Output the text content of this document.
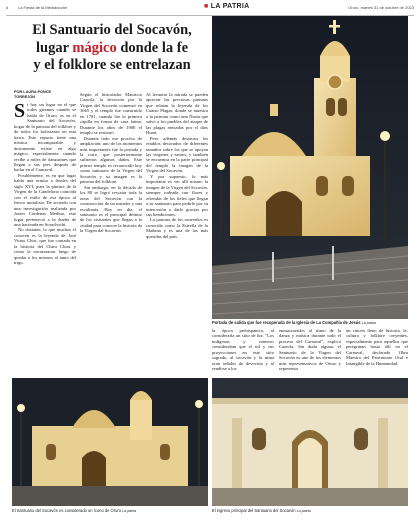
6 La Fiesta de la Medianoche	■ LA PATRIA	Oruro, martes 31 de octubre de 2023
El Santuario del Socavón,
lugar mágico donde la fe
y el folklore se entrelazan
POR LAURA PONCE
TORREJÓN
S i hay un lugar en el que todos giramos cuando se habla de Oruro, es en el Santuario del Socavón, hogar de la patrona del folklore y de todos los bolivianos en esta tierra. Este espacio tiene una mística incomparable y únicamente existe en algo mágico, especialmente cuando recibe a miles de danzarines que llegan a sus pies después de bailar en el Carnaval.

Posiblemente, es en que lugar había una ermita a finales del siglo XVI, pues la pintura de la Virgen de la Candelaria coincida con el estilo de esa época al fresco muralista. De acuerdo con una investigación realizada por Javier Cárdenas Medina, este lugar perteneció a la dueña de una hacienda en Sorachochi.

No obstante, lo que muchos el conocen es la leyenda de José Virtus Chiri, que fue contada en la historia del Chiru Chiru y cómo la encontraron luego de quedar a los mismos al tanto del trigo.

Según el historiador Mauricio Cazorla, la devoción por la Virgen del Socavón comenzó en 1665 y el templo fue construido en 1781, cuando fue la primera capilla en forma de cruz latina. Durante los años de 1900 el templo se restauró.

Durante todo ese proceso de ampliación, uno de los momentos más importantes fue la portada y la torre, que posteriormente sufrieron algunos daños. Este primer templo es reconocido hoy como santuario de la Virgen del Socavón y su imagen es la patrona del folklore.

Sin embargo, en la década de los 80 se logró rescatar toda la zona del Socavón con la construcción de un mirador y una escalinata. Hoy en día, el santuario es el principal destino de los visitantes que llegan a la ciudad para conocer la historia de la Virgen del Socavón.

Al levantar la mirada se pueden apreciar las preciosas pinturas que relatan la leyenda de los Cuatro Plagas, donde se muestra a la patrona como una Ñusta que salvó a los pueblos del ataque de las plagas enviadas por el dios Huari.

Pero además destacan los retablos decorados de diferentes tamaños sobre los que se apoyan las vírgenes y santos, y también se encuentra en la parte principal del templo la imagen de la Virgen del Socavón.

Y por supuesto, lo más importante es ver allí mismo la imagen de la Virgen del Socavón, siempre rodeada con flores y ofrendas de los fieles que llegan a su santuario para pedirle por su intercesión o darle gracias por sus bendiciones.

La patrona de los oruereños es conocida como la Estrella de la Mañana y es una de las más queridas del país.

Portada de salida que fue recuperada de la Iglesia de La Compañía de Jesús La patria

la época prehispánica, al considerarla un sitio de luz. "Los indígenas y mineros consideraban que el sol y sus proyecciones en este sitio sagrado, al socavón y la mina eran señales de devoción y al rendirse a los

enmascarados al ritmo de la danza y música durante todo el proceso del Carnaval", explicó Cazorla. Sin duda alguna, el Santuario de la Virgen del Socavón es uno de los elementos más representativos de Oruro y representa

un rincón lleno de historia, fe, cultura y folklore creyentes, especialmente para aquellos que peregrinan hasta allí en el Carnaval, declarado Obra Maestra del Patrimonio Oral e Intangible de la Humanidad.

El Santuario del Socavón es considerado un ícono de Oruro La patria	El ingreso principal del Santuario del Socavón La patria
